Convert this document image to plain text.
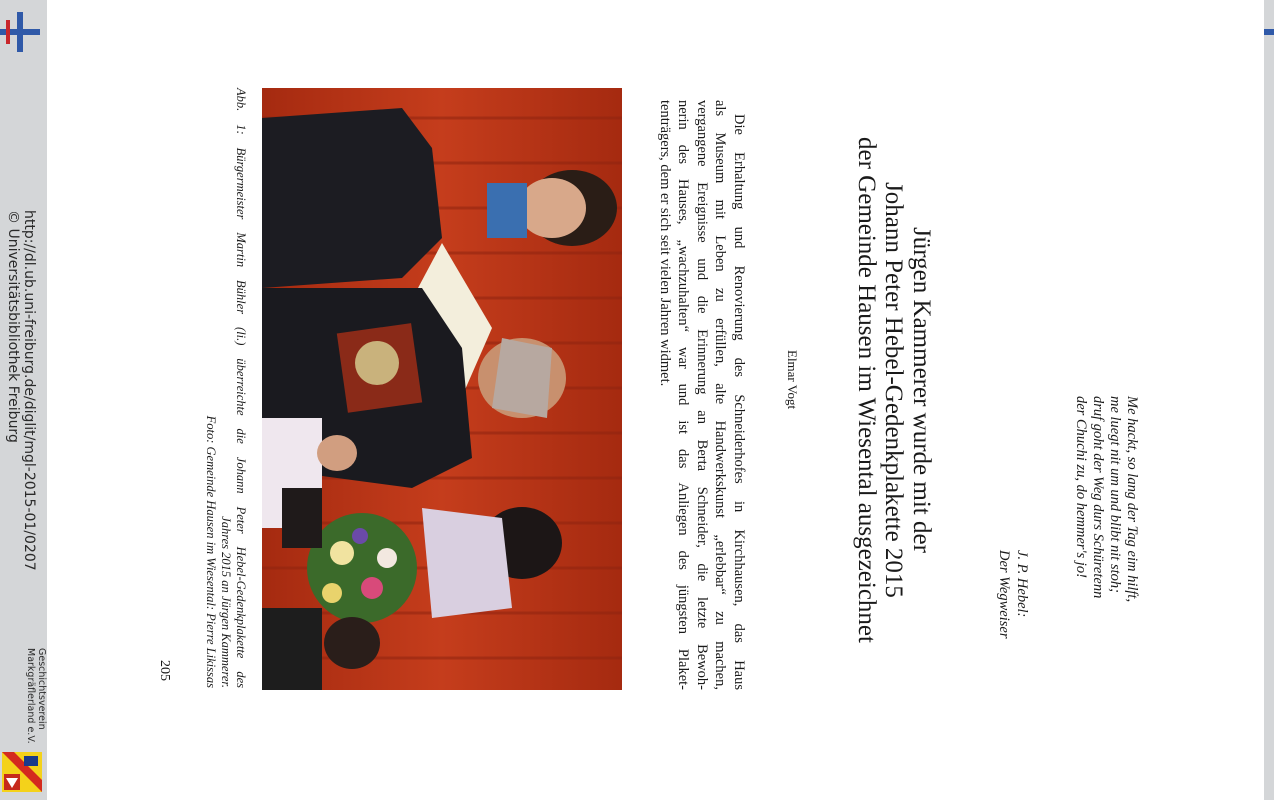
http://dl.ub.uni-freiburg.de/diglit/mgl-2015-01/0207
© Universitätsbibliothek Freiburg
Geschichtsverein
Markgräflerland e.V.
Me hackt, so lang der Tag eim hilft,
me luegt nit um und blibt nit stoh;
druf goht der Weg durs Schüretenn
der Chuchi zu, do hemmer's jo!
J. P. Hebel:
Der Wegweiser
Jürgen Kammerer wurde mit der
Johann Peter Hebel-Gedenkplakette 2015
der Gemeinde Hausen im Wiesental ausgezeichnet
Elmar Vogt
Die Erhaltung und Renovierung des Schneiderhofes in Kirchhausen, das Haus
als Museum mit Leben zu erfüllen, alte Handwerkskunst „erlebbar“ zu machen,
vergangene Ereignisse und die Erinnerung an Berta Schneider, die letzte Bewoh-
nerin des Hauses, „wachzuhalten“ war und ist das Anliegen des jüngsten Plaket-
tenträgers, dem er sich seit vielen Jahren widmet.
Abb. 1: Bürgermeister Martin Bühler (li.) überreichte die Johann Peter Hebel-Gedenkplakette des
Jahres 2015 an Jürgen Kammerer.
Foto: Gemeinde Hausen im Wiesental: Pierre Likissas
205
